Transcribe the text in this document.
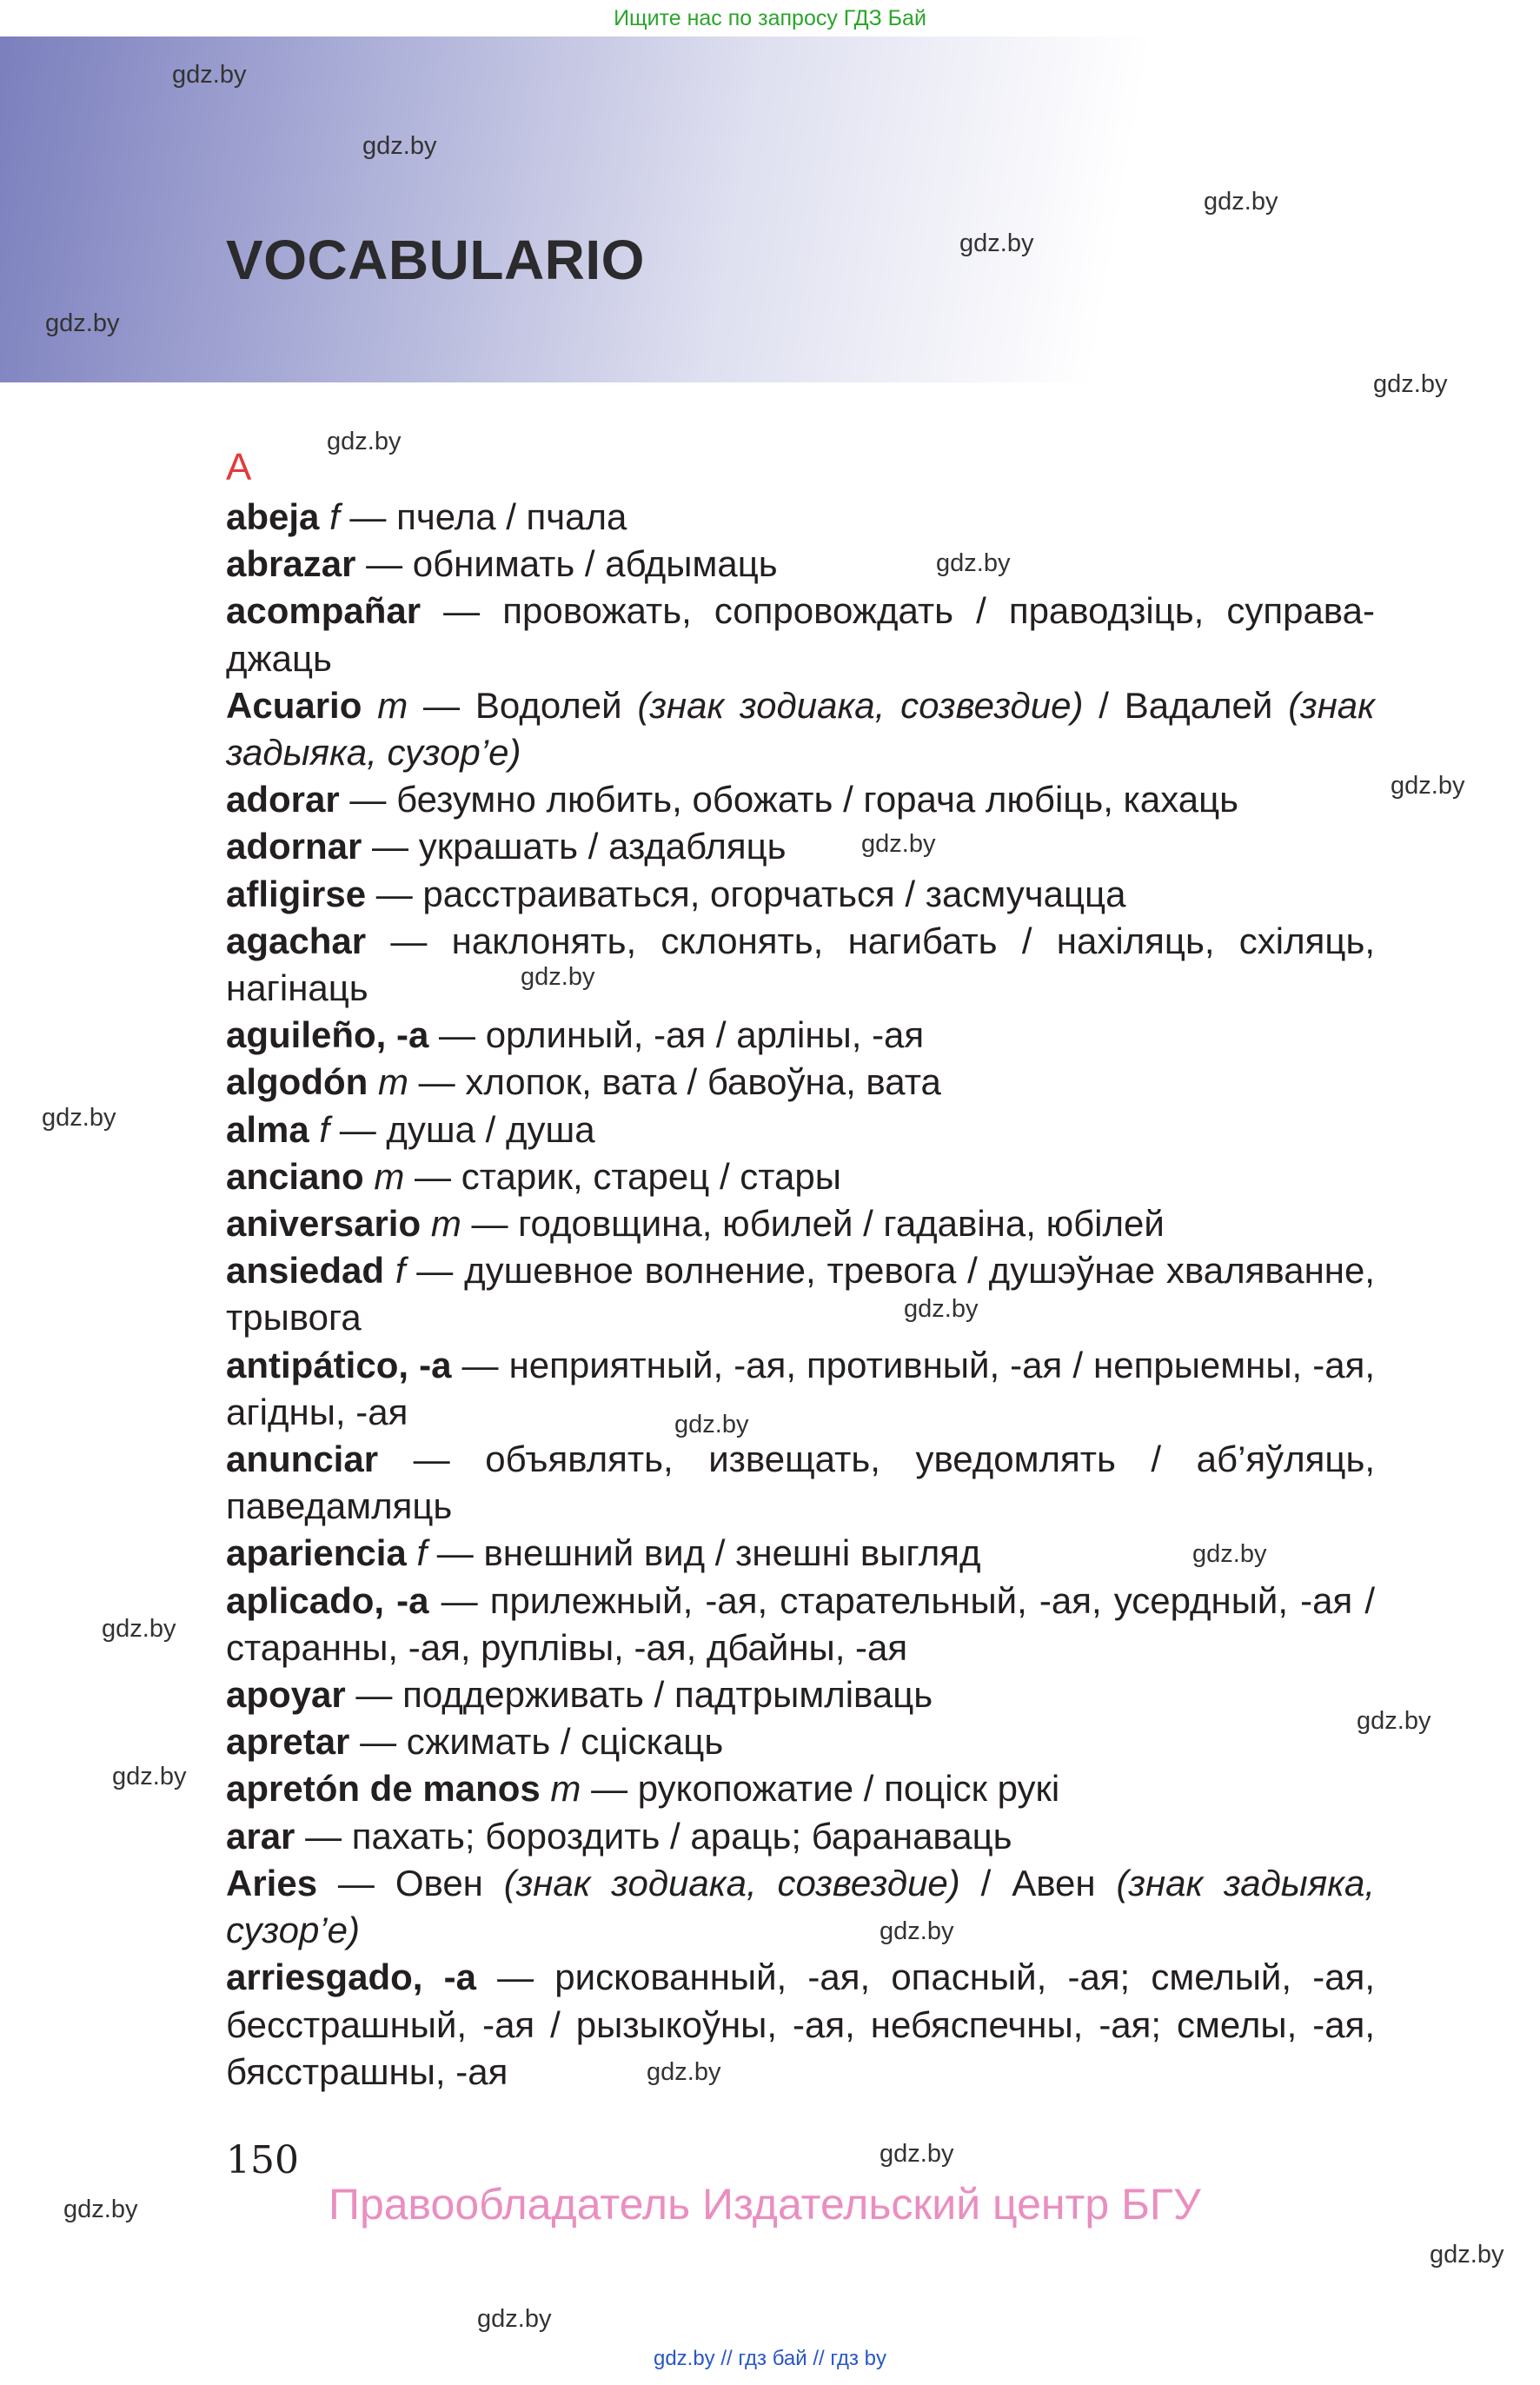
Ищите нас по запросу ГДЗ Бай
VOCABULARIO
A

abeja f — пчела / пчала

abrazar — обнимать / абдымаць

acompañar — провожать, сопровождать / праводзіць, суправаджаць

Acuario m — Водолей (знак зодиака, созвездие) / Вадалей (знак задыяка, сузор’е)

adorar — безумно любить, обожать / горача любіць, кахаць

adornar — украшать / аздабляць

afligirse — расстраиваться, огорчаться / засмучацца

agachar — наклонять, склонять, нагибать / нахіляць, схіляць, нагінаць

aguileño, -a — орлиный, -ая / арліны, -ая

algodón m — хлопок, вата / бавоўна, вата

alma f — душа / душа

anciano m — старик, старец / стары

aniversario m — годовщина, юбилей / гадавіна, юбілей

ansiedad f — душевное волнение, тревога / душэўнае хваляванне, трывога

antipático, -a — неприятный, -ая, противный, -ая / непрыемны, -ая, агідны, -ая

anunciar — объявлять, извещать, уведомлять / аб’яўляць, паведамляць

apariencia f — внешний вид / знешні выгляд

aplicado, -a — прилежный, -ая, старательный, -ая, усердный, -ая / старанны, -ая, руплівы, -ая, дбайны, -ая

apoyar — поддерживать / падтрымліваць

apretar — сжимать / сціскаць

apretón de manos m — рукопожатие / поціск рукі

arar — пахать; бороздить / араць; баранаваць

Aries — Овен (знак зодиака, созвездие) / Авен (знак задыяка, сузор’е)

arriesgado, -a — рискованный, -ая, опасный, -ая; смелый, -ая, бесстрашный, -ая / рызыкоўны, -ая, небяспечны, -ая; смелы, -ая, бясстрашны, -ая

150
Правообладатель Издательский центр БГУ
gdz.by // гдз бай // гдз by
gdz.by
gdz.by
gdz.by
gdz.by
gdz.by
gdz.by
gdz.by
gdz.by
gdz.by
gdz.by
gdz.by
gdz.by
gdz.by
gdz.by
gdz.by
gdz.by
gdz.by
gdz.by
gdz.by
gdz.by
gdz.by
gdz.by
gdz.by
gdz.by
